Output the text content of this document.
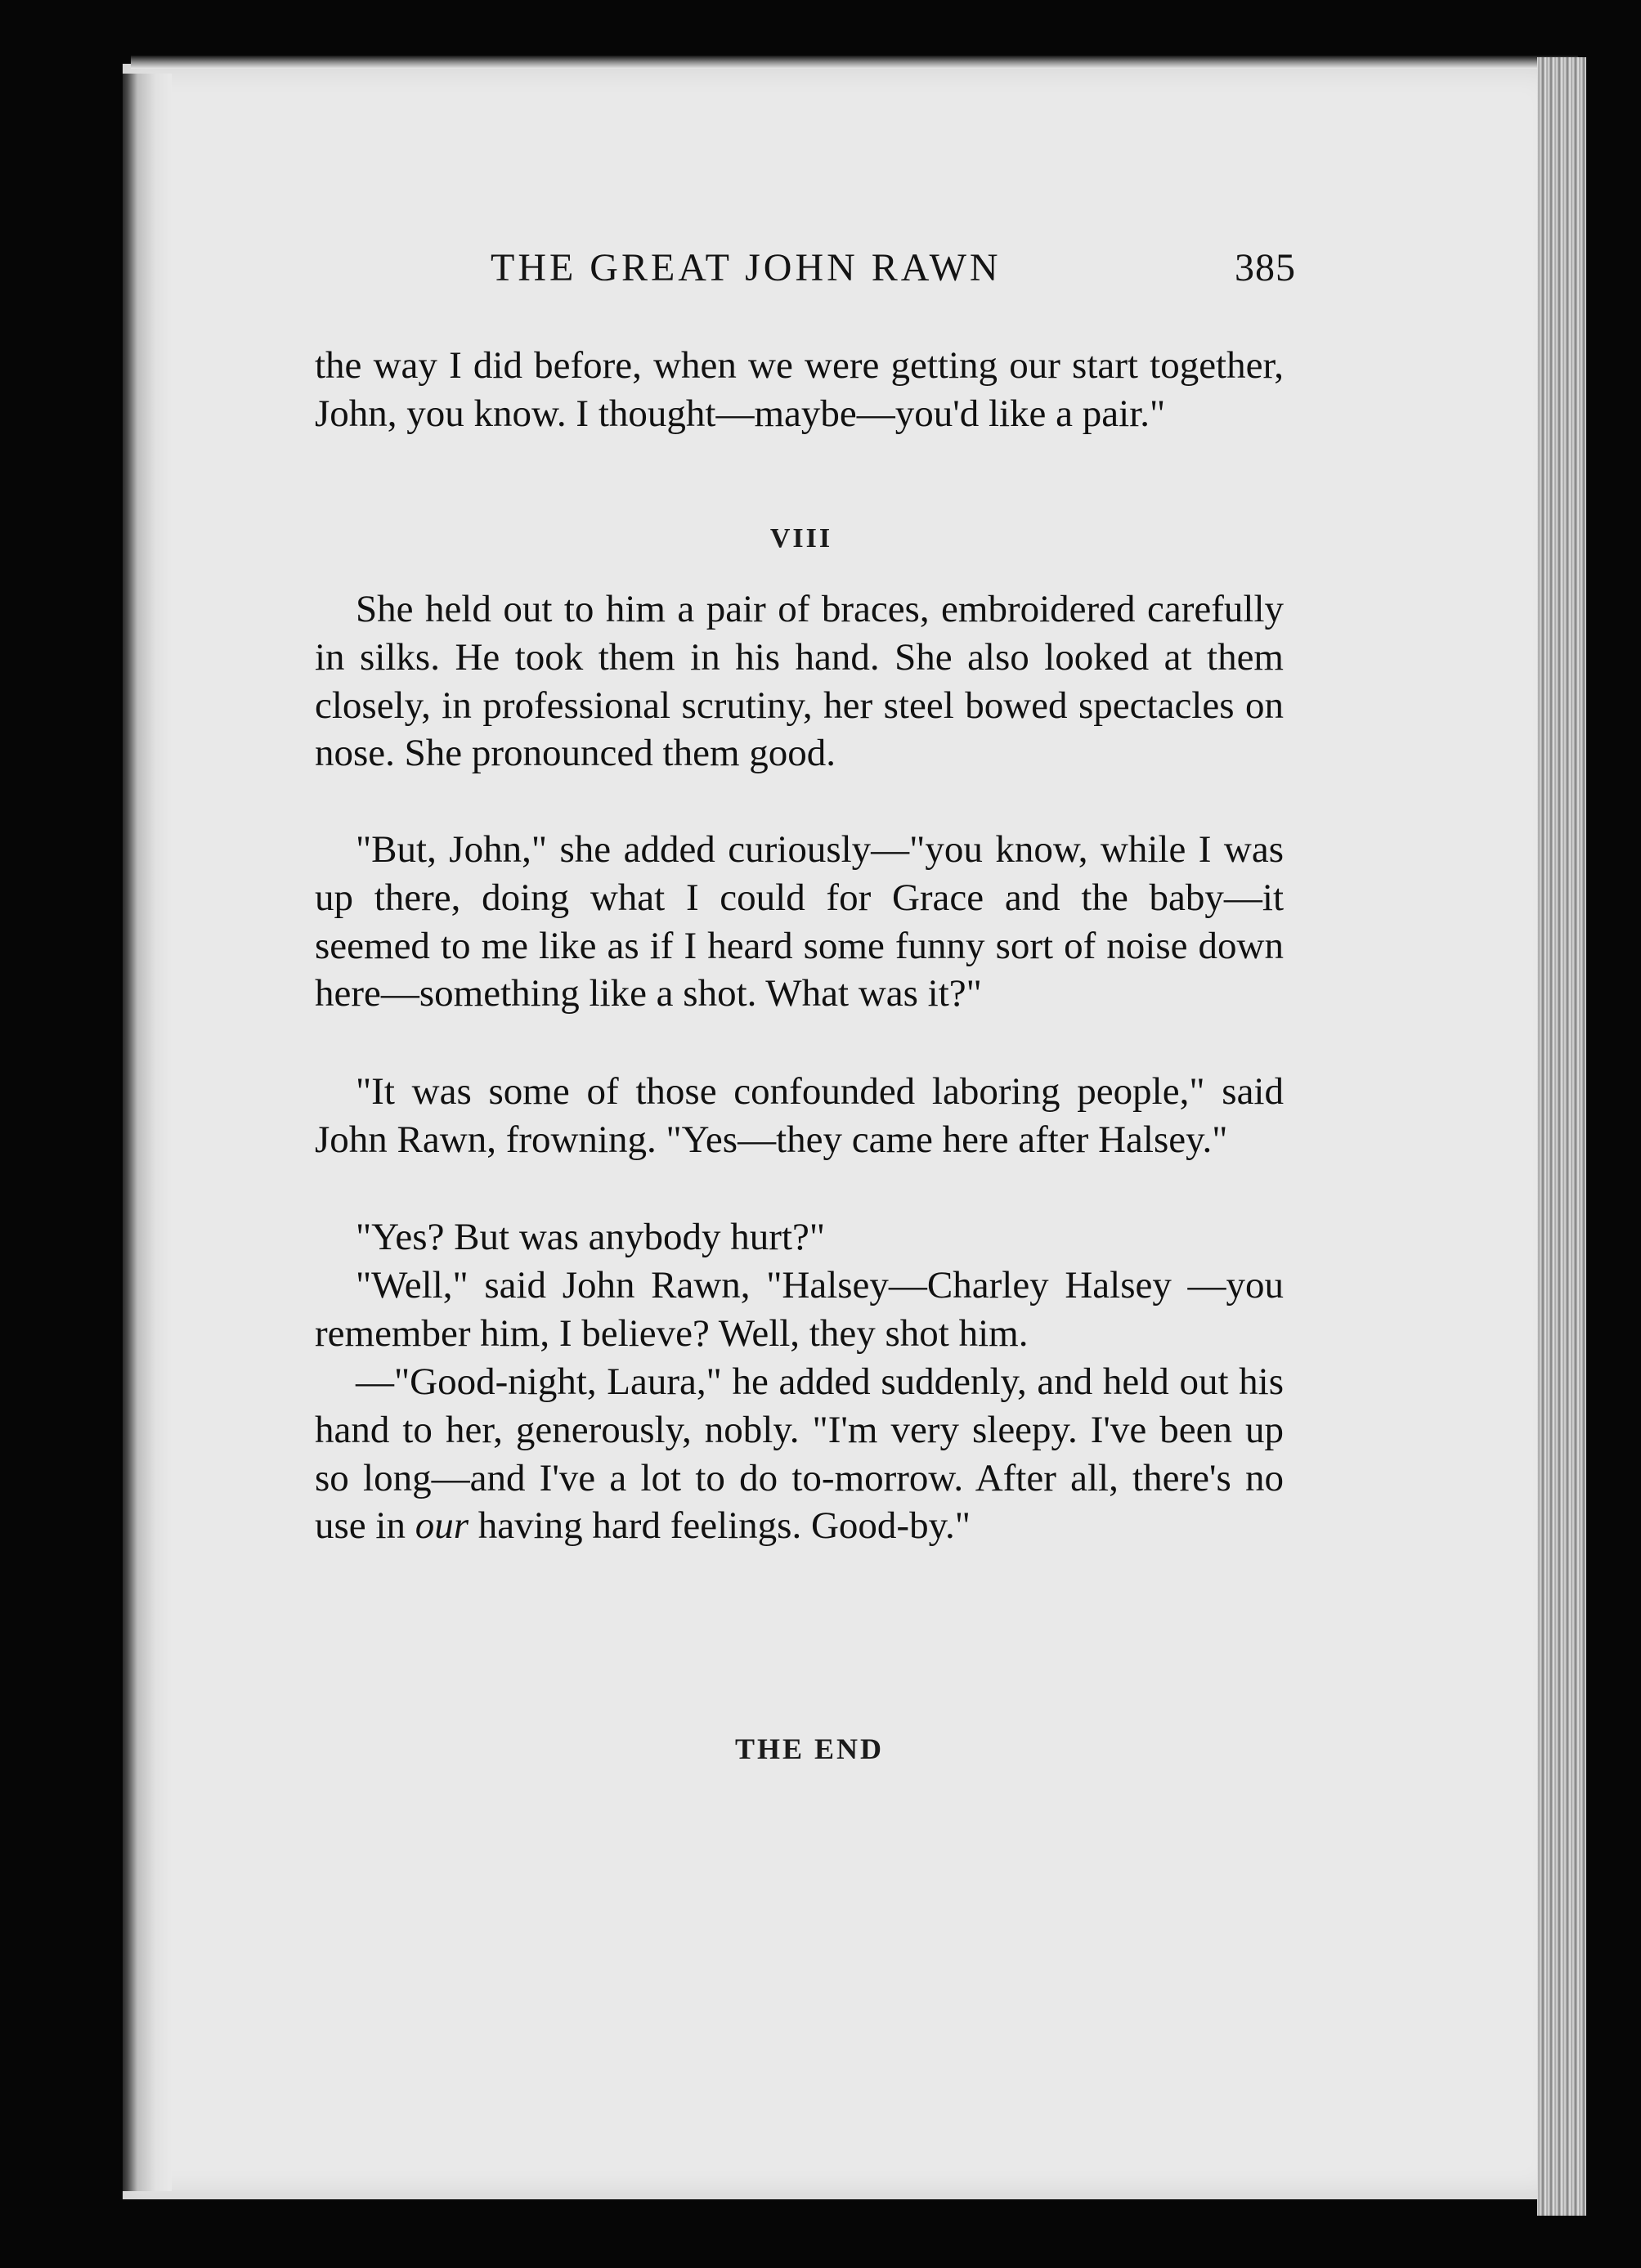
THE GREAT JOHN RAWN	385

the way I did before, when we were getting our start together, John, you know. I thought—maybe—you'd like a pair."

VIII

She held out to him a pair of braces, embroidered carefully in silks. He took them in his hand. She also looked at them closely, in professional scrutiny, her steel bowed spectacles on nose. She pronounced them good.

"But, John," she added curiously—"you know, while I was up there, doing what I could for Grace and the baby—it seemed to me like as if I heard some funny sort of noise down here—something like a shot. What was it?"

"It was some of those confounded laboring people," said John Rawn, frowning. "Yes—they came here after Halsey."

"Yes? But was anybody hurt?"

"Well," said John Rawn, "Halsey—Charley Halsey —you remember him, I believe? Well, they shot him.

—"Good-night, Laura," he added suddenly, and held out his hand to her, generously, nobly. "I'm very sleepy. I've been up so long—and I've a lot to do to-morrow. After all, there's no use in our having hard feelings. Good-by."

THE END
